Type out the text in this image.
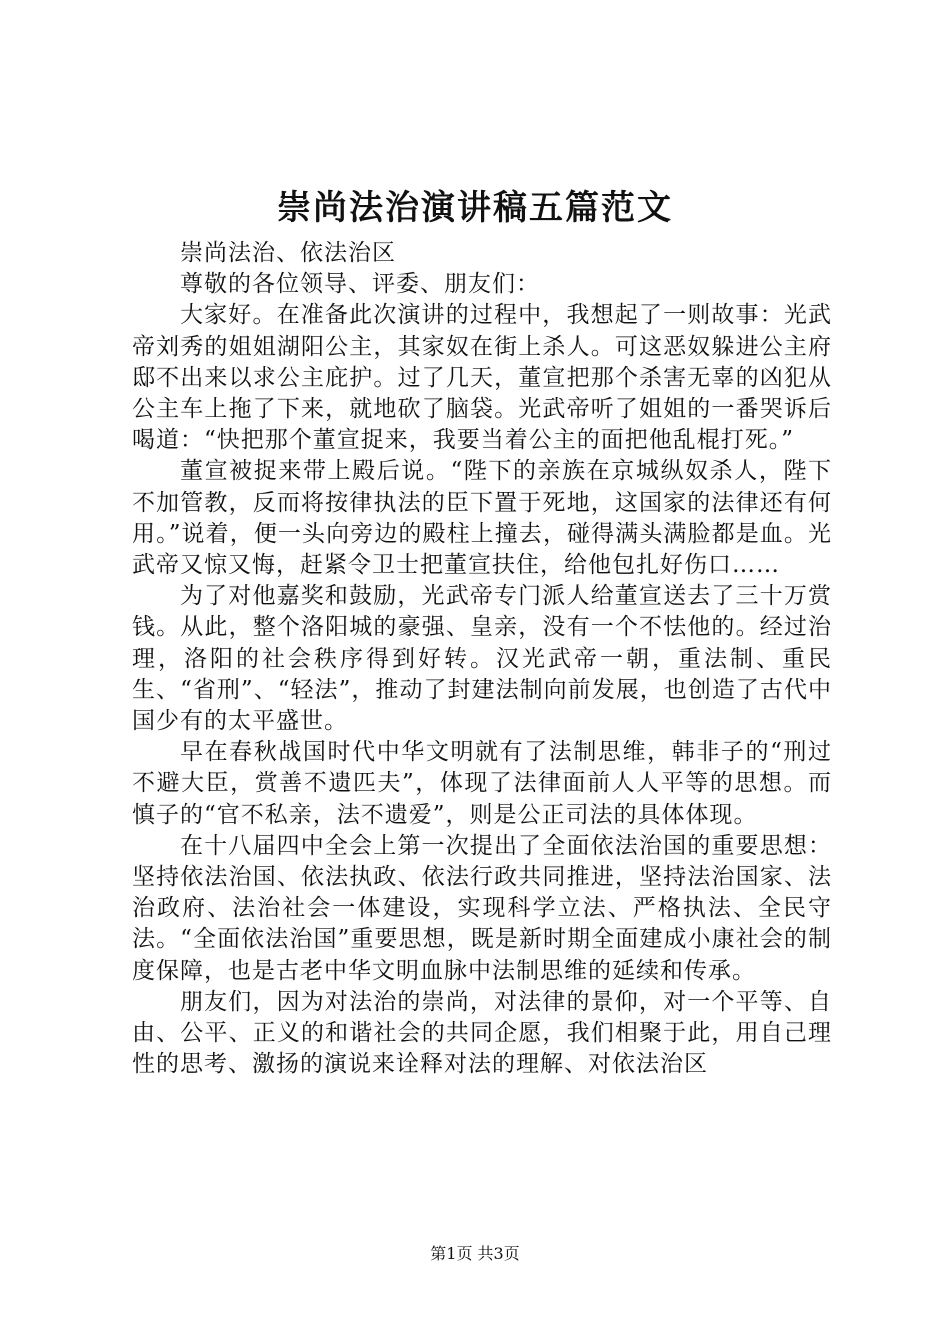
崇尚法治演讲稿五篇范文

崇尚法治、依法治区

尊敬的各位领导、评委、朋友们：

大家好。在准备此次演讲的过程中，我想起了一则故事：光武帝刘秀的姐姐湖阳公主，其家奴在街上杀人。可这恶奴躲进公主府邸不出来以求公主庇护。过了几天，董宣把那个杀害无辜的凶犯从公主车上拖了下来，就地砍了脑袋。光武帝听了姐姐的一番哭诉后喝道：“快把那个董宣捉来，我要当着公主的面把他乱棍打死。”

董宣被捉来带上殿后说。“陛下的亲族在京城纵奴杀人，陛下不加管教，反而将按律执法的臣下置于死地，这国家的法律还有何用。”说着，便一头向旁边的殿柱上撞去，碰得满头满脸都是血。光武帝又惊又悔，赶紧令卫士把董宣扶住，给他包扎好伤口……

为了对他嘉奖和鼓励，光武帝专门派人给董宣送去了三十万赏钱。从此，整个洛阳城的豪强、皇亲，没有一个不怯他的。经过治理，洛阳的社会秩序得到好转。汉光武帝一朝，重法制、重民生、“省刑”、“轻法”，推动了封建法制向前发展，也创造了古代中国少有的太平盛世。

早在春秋战国时代中华文明就有了法制思维，韩非子的“刑过不避大臣，赏善不遗匹夫”，体现了法律面前人人平等的思想。而慎子的“官不私亲，法不遗爱”，则是公正司法的具体体现。

在十八届四中全会上第一次提出了全面依法治国的重要思想：坚持依法治国、依法执政、依法行政共同推进，坚持法治国家、法治政府、法治社会一体建设，实现科学立法、严格执法、全民守法。“全面依法治国”重要思想，既是新时期全面建成小康社会的制度保障，也是古老中华文明血脉中法制思维的延续和传承。

朋友们，因为对法治的崇尚，对法律的景仰，对一个平等、自由、公平、正义的和谐社会的共同企愿，我们相聚于此，用自己理性的思考、激扬的演说来诠释对法的理解、对依法治区

第1页 共3页
